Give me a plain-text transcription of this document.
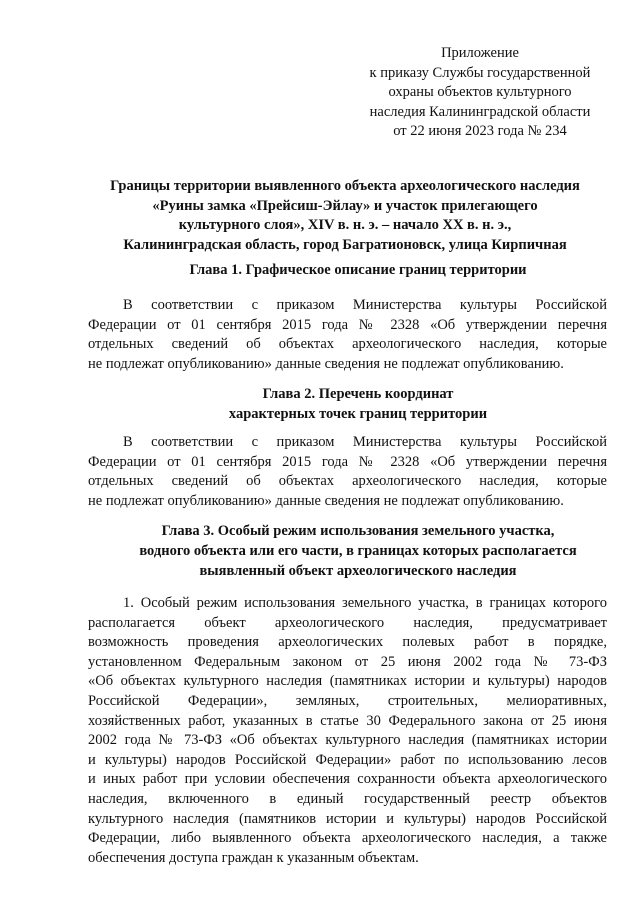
Приложение
к приказу Службы государственной
охраны объектов культурного
наследия Калининградской области
от 22 июня 2023 года № 234
Границы территории выявленного объекта археологического наследия
«Руины замка «Прейсиш-Эйлау» и участок прилегающего
культурного слоя», XIV в. н. э. – начало XX в. н. э.,
Калининградская область, город Багратионовск, улица Кирпичная
Глава 1. Графическое описание границ территории
В соответствии с приказом Министерства культуры Российской
Федерации от 01 сентября 2015 года № 2328 «Об утверждении перечня
отдельных сведений об объектах археологического наследия, которые
не подлежат опубликованию» данные сведения не подлежат опубликованию.
Глава 2. Перечень координат
характерных точек границ территории
В соответствии с приказом Министерства культуры Российской
Федерации от 01 сентября 2015 года № 2328 «Об утверждении перечня
отдельных сведений об объектах археологического наследия, которые
не подлежат опубликованию» данные сведения не подлежат опубликованию.
Глава 3. Особый режим использования земельного участка,
водного объекта или его части, в границах которых располагается
выявленный объект археологического наследия
1. Особый режим использования земельного участка, в границах которого
располагается объект археологического наследия, предусматривает
возможность проведения археологических полевых работ в порядке,
установленном Федеральным законом от 25 июня 2002 года № 73-ФЗ
«Об объектах культурного наследия (памятниках истории и культуры) народов
Российской Федерации», земляных, строительных, мелиоративных,
хозяйственных работ, указанных в статье 30 Федерального закона от 25 июня
2002 года № 73-ФЗ «Об объектах культурного наследия (памятниках истории
и культуры) народов Российской Федерации» работ по использованию лесов
и иных работ при условии обеспечения сохранности объекта археологического
наследия, включенного в единый государственный реестр объектов
культурного наследия (памятников истории и культуры) народов Российской
Федерации, либо выявленного объекта археологического наследия, а также
обеспечения доступа граждан к указанным объектам.
